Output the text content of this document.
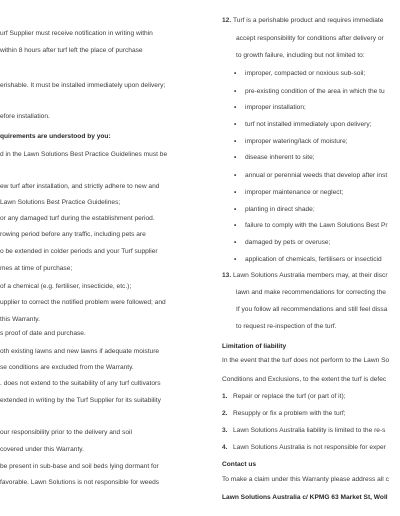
urf Supplier must receive notification in writing within
within 8 hours after turf left the place of purchase
erishable. It must be installed immediately upon delivery;
efore installation.
quirements are understood by you:
d in the Lawn Solutions Best Practice Guidelines must be
ew turf after installation, and strictly adhere to new and
Lawn Solutions Best Practice Guidelines;
or any damaged turf during the establishment period.
rowing period before any traffic, including pets are
o be extended in colder periods and your Turf supplier
mes at time of purchase;
of a chemical (e.g. fertiliser, insecticide, etc.);
upplier to correct the notified problem were followed; and
this Warranty.
s proof of date and purchase.
oth existing lawns and new lawns if adequate moisture
se conditions are excluded from the Warranty.
. does not extend to the suitability of any turf cultivators
extended in writing by the Turf Supplier for its suitability
our responsibility prior to the delivery and soil
covered under this Warranty.
be present in sub-base and soil beds lying dormant for
favorable. Lawn Solutions is not responsible for weeds
12. Turf is a perishable product and requires immediate
accept responsibility for conditions after delivery or
to growth failure, including but not limited to:
• improper, compacted or noxious sub-soil;
• pre-existing condition of the area in which the tu
• improper installation;
• turf not installed immediately upon delivery;
• improper watering/lack of moisture;
• disease inherent to site;
• annual or perennial weeds that develop after inst
• improper maintenance or neglect;
• planting in direct shade;
• failure to comply with the Lawn Solutions Best Pr
• damaged by pets or overuse;
• application of chemicals, fertilisers or insecticid
13. Lawn Solutions Australia members may, at their discr
lawn and make recommendations for correcting the
If you follow all recommendations and still feel dissa
to request re-inspection of the turf.
Limitation of liability
In the event that the turf does not perform to the Lawn So
Conditions and Exclusions, to the extent the turf is defec
1. Repair or replace the turf (or part of it);
2. Resupply or fix a problem with the turf;
3. Lawn Solutions Australia liability is limited to the re-s
4. Lawn Solutions Australia is not responsible for exper
Contact us
To make a claim under this Warranty please address all c
Lawn Solutions Australia c/ KPMG 63 Market St, Woll
